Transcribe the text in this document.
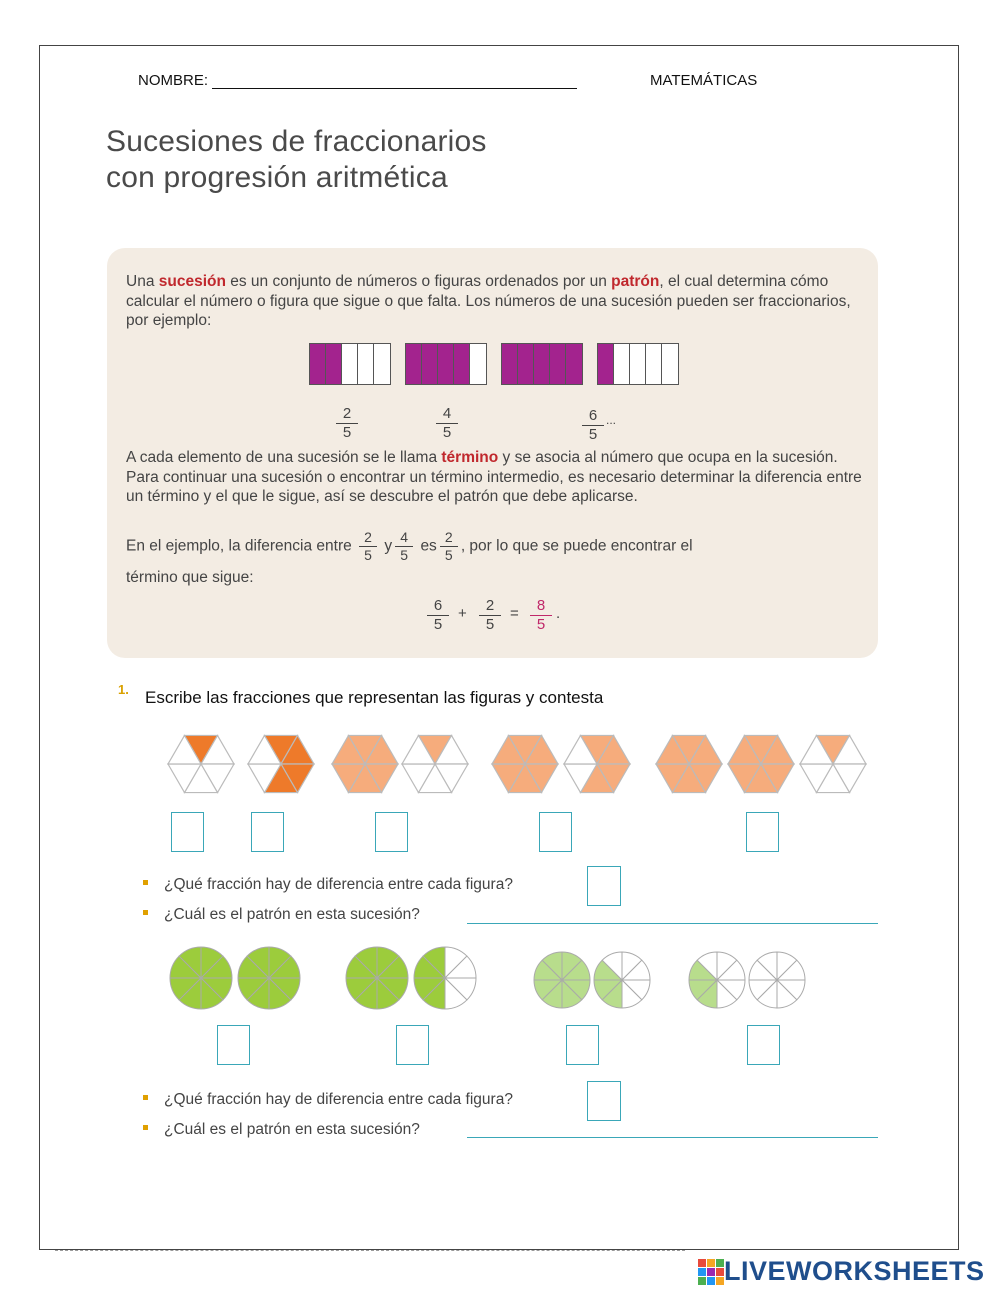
NOMBRE:	MATEMÁTICAS
Sucesiones de fraccionarios
con progresión aritmética

Una sucesión es un conjunto de números o figuras ordenados por un patrón, el cual determina cómo calcular el número o figura que sigue o que falta. Los números de una sucesión pueden ser fraccionarios, por ejemplo:

2
5
4
5
6
5
...

A cada elemento de una sucesión se le llama término y se asocia al número que ocupa en la sucesión. Para continuar una sucesión o encontrar un término intermedio, es necesario determinar la diferencia entre un término y el que le sigue, así se descubre el patrón que debe aplicarse.

En el ejemplo, la diferencia entre $\frac{2}{5}$ y $\frac{4}{5}$ es $\frac{2}{5}$ , por lo que se puede encontrar el
término que sigue:

6
5
+ 2
5
= 8
5
.
1. Escribe las fracciones que representan las figuras y contesta
¿Qué fracción hay de diferencia entre cada figura?
¿Cuál es el patrón en esta sucesión?
¿Qué fracción hay de diferencia entre cada figura?
¿Cuál es el patrón en esta sucesión?
LIVEWORKSHEETS
